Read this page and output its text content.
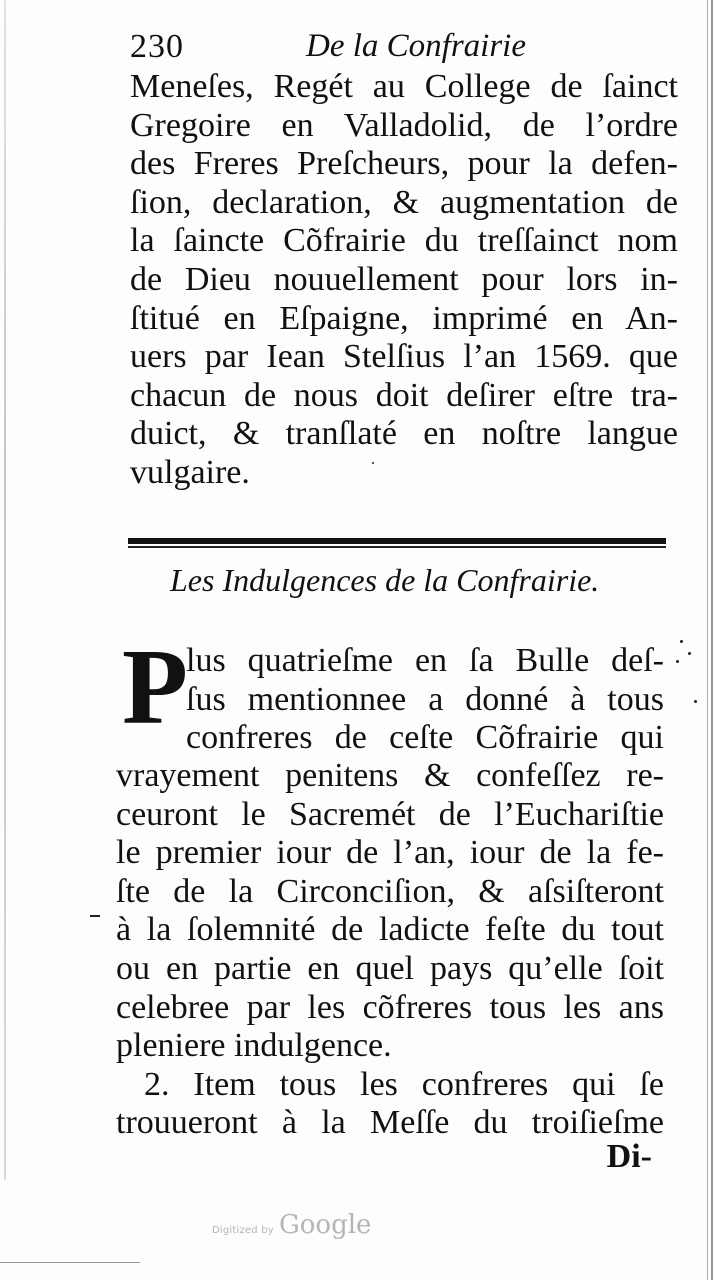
230	De la Confrairie
Meneſes, Regét au College de ſainct
Gregoire en Valladolid, de l’ordre
des Freres Preſcheurs, pour la defen-
ſion, declaration, & augmentation de
la ſaincte Cõfrairie du treſſainct nom
de Dieu nouuellement pour lors in-
ſtitué en Eſpaigne, imprimé en An-
uers par Iean Stelſius l’an 1569. que
chacun de nous doit deſirer eſtre tra-
duict, & tranſlaté en noſtre langue
vulgaire.
Les Indulgences de la Confrairie.
P
lus quatrieſme en ſa Bulle deſ-
ſus mentionnee a donné à tous
confreres de ceſte Cõfrairie qui
vrayement penitens & confeſſez re-
ceuront le Sacremét de l’Euchariſtie
le premier iour de l’an, iour de la fe-
ſte de la Circonciſion, & aſsiſteront
à la ſolemnité de ladicte feſte du tout
ou en partie en quel pays qu’elle ſoit
celebree par les cõfreres tous les ans
pleniere indulgence.
2. Item tous les confreres qui ſe
trouueront à la Meſſe du troiſieſme
Di-
Digitized by Google
